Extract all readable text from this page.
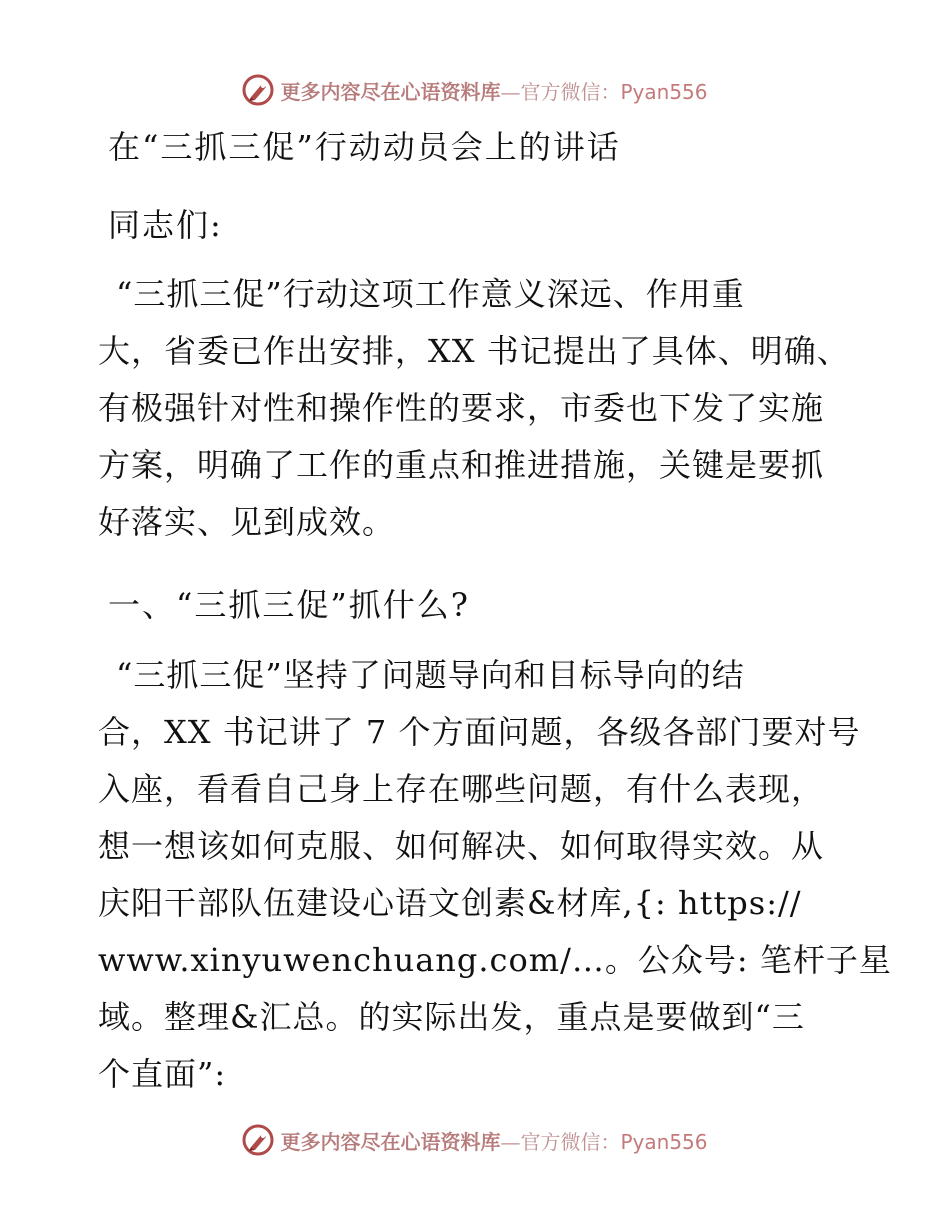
更多内容尽在心语资料库—官方微信：Pyan556
在“三抓三促”行动动员会上的讲话
同志们:
“三抓三促”行动这项工作意义深远、作用重
大，省委已作出安排，XX 书记提出了具体、明确、
有极强针对性和操作性的要求，市委也下发了实施
方案，明确了工作的重点和推进措施，关键是要抓
好落实、见到成效。
一、“三抓三促”抓什么?
“三抓三促”坚持了问题导向和目标导向的结
合，XX 书记讲了 7 个方面问题，各级各部门要对号
入座，看看自己身上存在哪些问题，有什么表现，
想一想该如何克服、如何解决、如何取得实效。从
庆阳干部队伍建设心语文创素&材库,{: https://
www.xinyuwenchuang.com/…。公众号: 笔杆子星
域。整理&汇总。的实际出发，重点是要做到“三
个直面”:
更多内容尽在心语资料库—官方微信：Pyan556
